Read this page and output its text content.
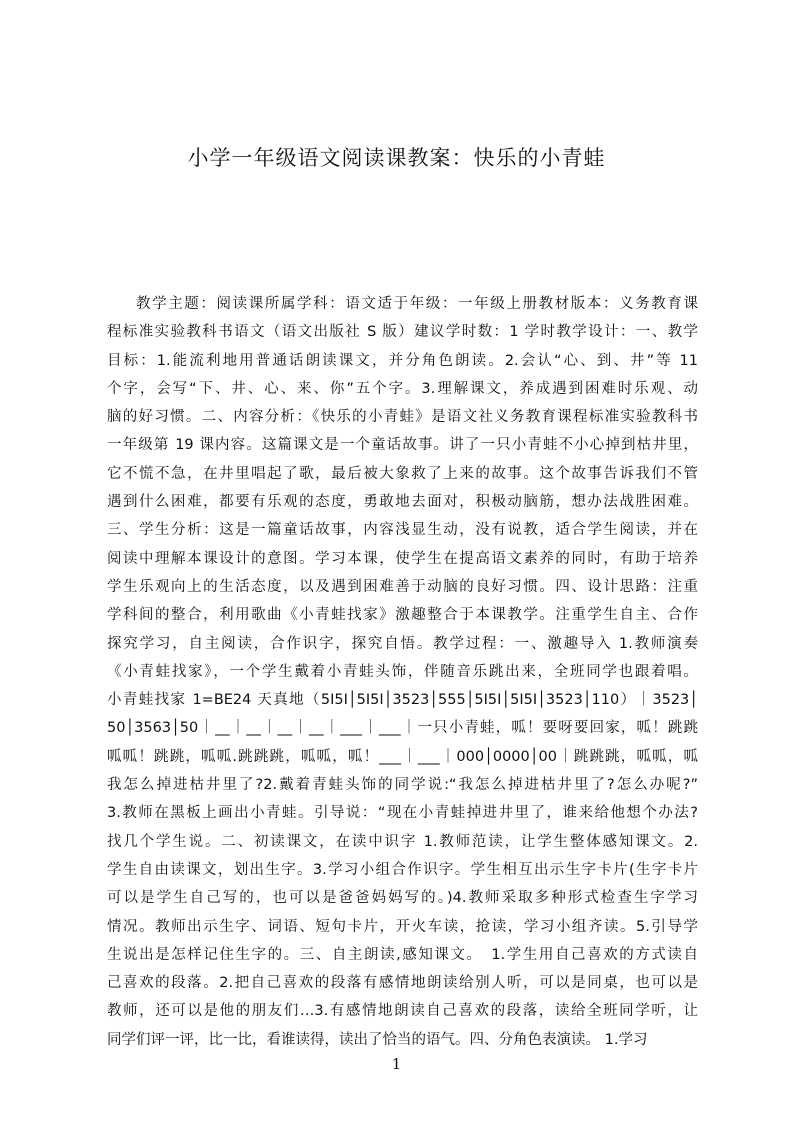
小学一年级语文阅读课教案：快乐的小青蛙
教学主题：阅读课所属学科：语文适于年级：一年级上册教材版本：义务教育课
程标准实验教科书语文（语文出版社 S 版）建议学时数：1 学时教学设计：一、教学
目标：1.能流利地用普通话朗读课文，并分角色朗读。2.会认“心、到、井”等 11
个字，会写“下、井、心、来、你”五个字。3.理解课文，养成遇到困难时乐观、动
脑的好习惯。二、内容分析：《快乐的小青蛙》是语文社义务教育课程标准实验教科书
一年级第 19 课内容。这篇课文是一个童话故事。讲了一只小青蛙不小心掉到枯井里，
它不慌不急，在井里唱起了歌，最后被大象救了上来的故事。这个故事告诉我们不管
遇到什么困难，都要有乐观的态度，勇敢地去面对，积极动脑筋，想办法战胜困难。
三、学生分析：这是一篇童话故事，内容浅显生动，没有说教，适合学生阅读，并在
阅读中理解本课设计的意图。学习本课，使学生在提高语文素养的同时，有助于培养
学生乐观向上的生活态度，以及遇到困难善于动脑的良好习惯。四、设计思路：注重
学科间的整合，利用歌曲《小青蛙找家》激趣整合于本课教学。注重学生自主、合作
探究学习，自主阅读，合作识字，探究自悟。教学过程：一、激趣导入 1.教师演奏
《小青蛙找家》，一个学生戴着小青蛙头饰，伴随音乐跳出来，全班同学也跟着唱。
小青蛙找家 1=BE24 天真地（5I5I│5I5I│3523│555│5I5I│5I5I│3523│110）｜3523│
50│3563│50｜__｜__｜__｜__｜___｜___｜一只小青蛙，呱！要呀要回家，呱！跳跳
呱呱！跳跳，呱呱.跳跳跳，呱呱，呱！___｜___｜000│0000│00｜跳跳跳，呱呱，呱
我怎么掉进枯井里了?2.戴着青蛙头饰的同学说:“我怎么掉进枯井里了?怎么办呢?”
3.教师在黑板上画出小青蛙。引导说：“现在小青蛙掉进井里了，谁来给他想个办法?
找几个学生说。二、初读课文，在读中识字 1.教师范读，让学生整体感知课文。2.
学生自由读课文，划出生字。3.学习小组合作识字。学生相互出示生字卡片(生字卡片
可以是学生自己写的，也可以是爸爸妈妈写的。)4.教师采取多种形式检查生字学习
情况。教师出示生字、词语、短句卡片，开火车读，抢读，学习小组齐读。5.引导学
生说出是怎样记住生字的。三、自主朗读,感知课文。　1.学生用自己喜欢的方式读自
己喜欢的段落。2.把自己喜欢的段落有感情地朗读给别人听，可以是同桌，也可以是
教师，还可以是他的朋友们…3.有感情地朗读自己喜欢的段落，读给全班同学听，让
同学们评一评，比一比，看谁读得，读出了恰当的语气。四、分角色表演读。 1.学习
1
